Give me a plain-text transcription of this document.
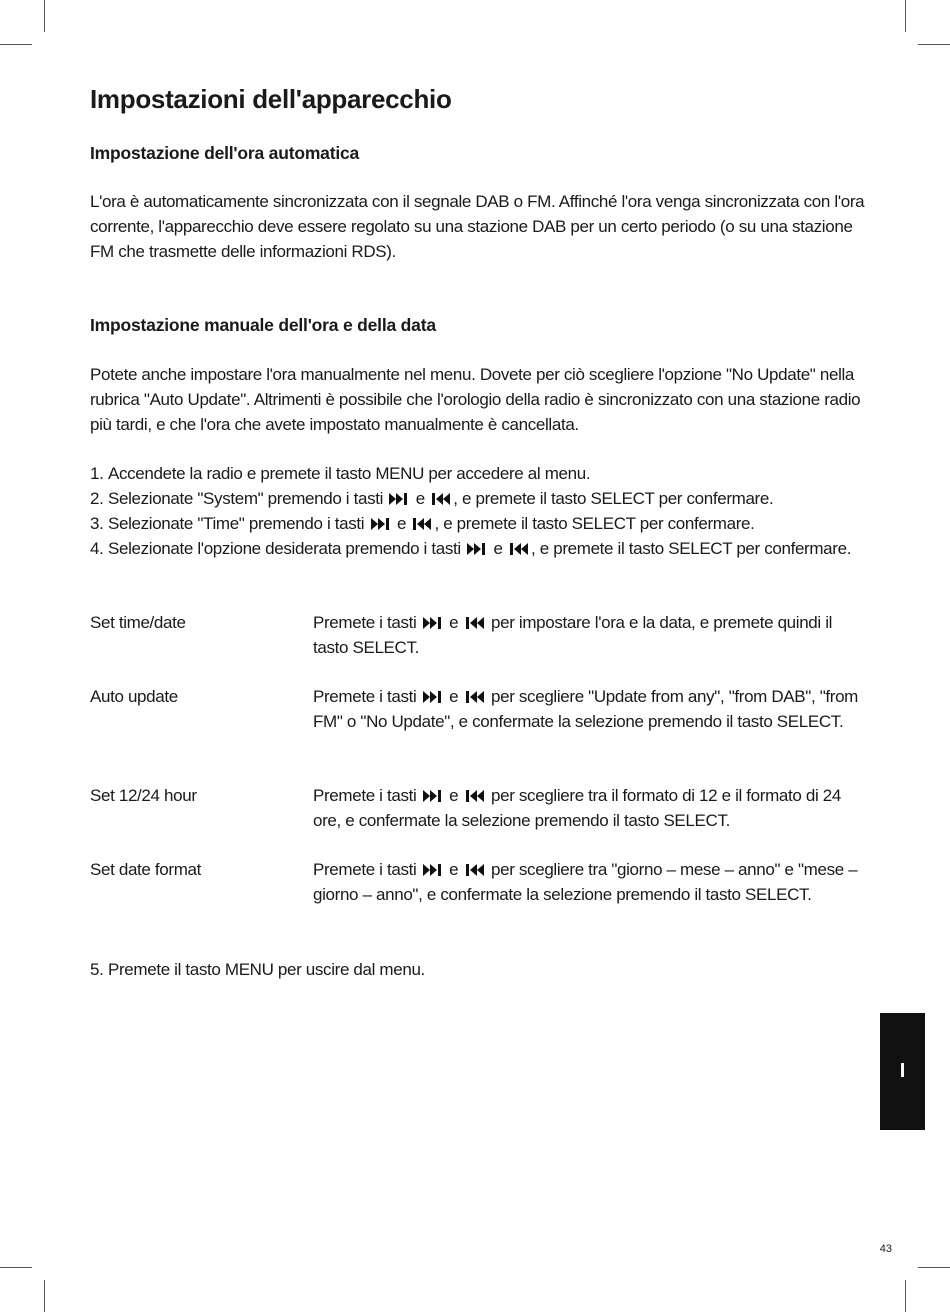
Impostazioni dell'apparecchio
Impostazione dell'ora automatica

L'ora è automaticamente sincronizzata con il segnale DAB o FM. Affinché l'ora venga sincronizzata con l'ora corrente, l'apparecchio deve essere regolato su una stazione DAB per un certo periodo (o su una stazione FM che trasmette delle informazioni RDS).

Impostazione manuale dell'ora e della data

Potete anche impostare l'ora manualmente nel menu. Dovete per ciò scegliere l'opzione "No Update" nella rubrica "Auto Update". Altrimenti è possibile che l'orologio della radio è sincronizzato con una stazione radio più tardi, e che l'ora che avete impostato manualmente è cancellata.

1. Accendete la radio e premete il tasto MENU per accedere al menu.
2. Selezionate "System" premendo i tasti e , e premete il tasto SELECT per confermare.
3. Selezionate "Time" premendo i tasti e , e premete il tasto SELECT per confermare.
4. Selezionate l'opzione desiderata premendo i tasti e , e premete il tasto SELECT per confermare.
Set time/date	Premete i tasti e per impostare l'ora e la data, e premete quindi il tasto SELECT.
Auto update	Premete i tasti e per scegliere "Update from any", "from DAB", "from FM" o "No Update", e confermate la selezione premendo il tasto SELECT.
Set 12/24 hour	Premete i tasti e per scegliere tra il formato di 12 e il formato di 24 ore, e confermate la selezione premendo il tasto SELECT.
Set date format	Premete i tasti e per scegliere tra "giorno – mese – anno" e "mese – giorno – anno", e confermate la selezione premendo il tasto SELECT.
5. Premete il tasto MENU per uscire dal menu.
I
43
